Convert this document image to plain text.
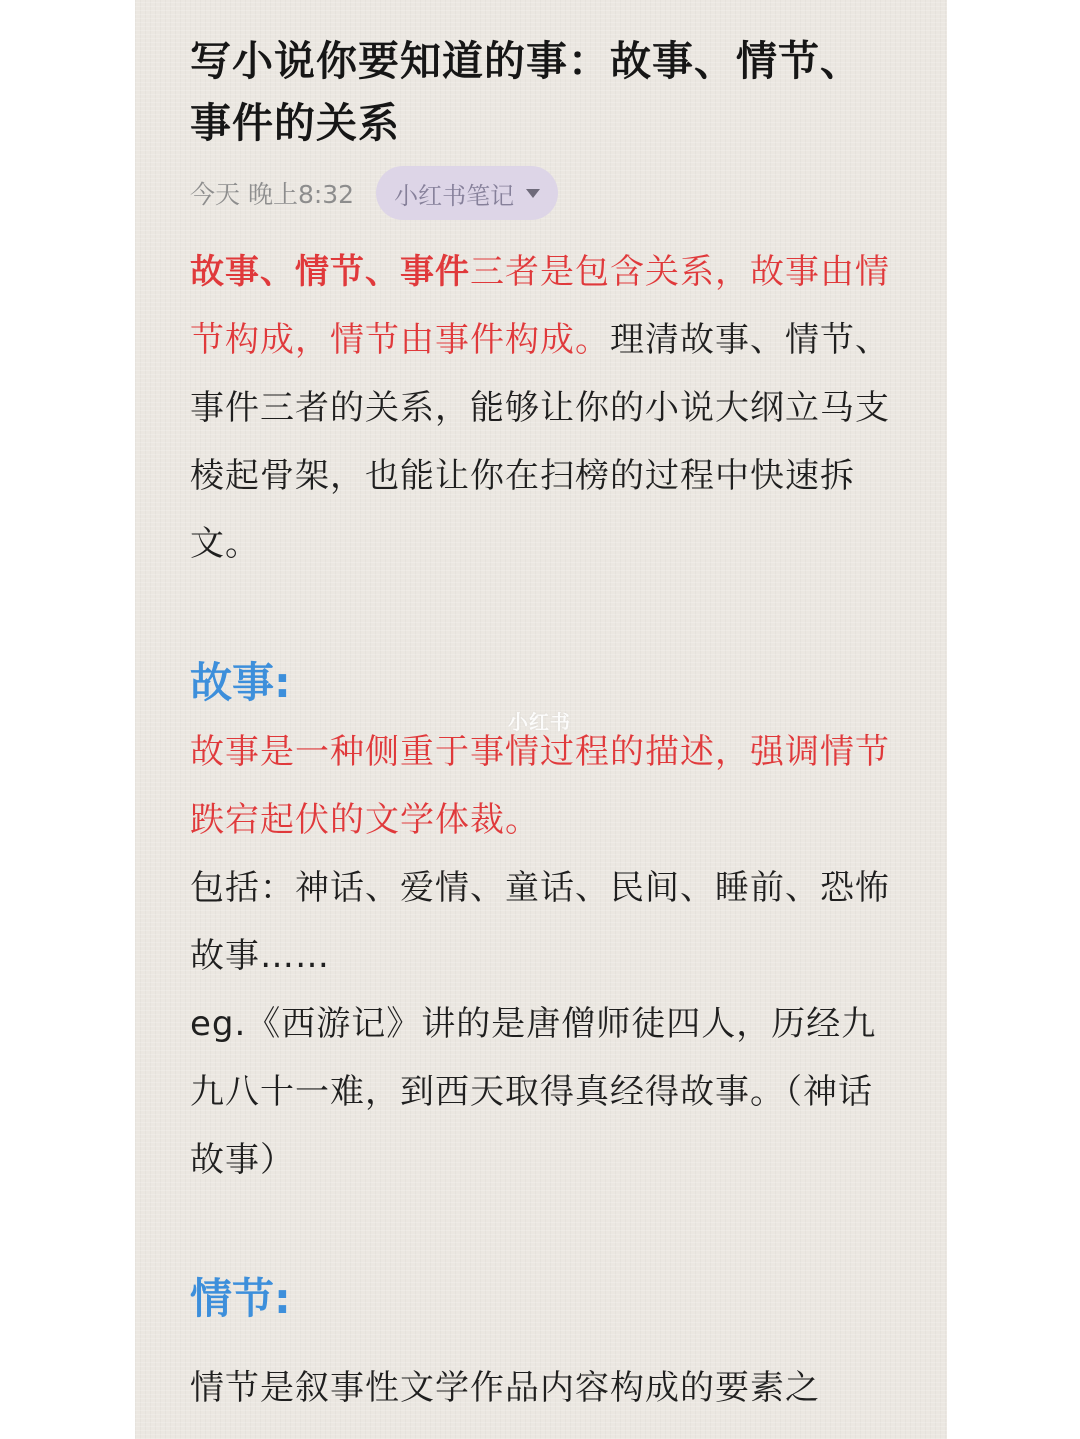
写小说你要知道的事：故事、情节、事件的关系
今天 晚上8:32 小红书笔记

故事、情节、事件三者是包含关系，故事由情节构成，情节由事件构成。理清故事、情节、事件三者的关系，能够让你的小说大纲立马支棱起骨架，也能让你在扫榜的过程中快速拆文。

故事:

故事是一种侧重于事情过程的描述，强调情节跌宕起伏的文学体裁。

包括：神话、爱情、童话、民间、睡前、恐怖故事……

eg.《西游记》讲的是唐僧师徒四人，历经九九八十一难，到西天取得真经得故事。（神话故事）

情节:

情节是叙事性文学作品内容构成的要素之

小红书
